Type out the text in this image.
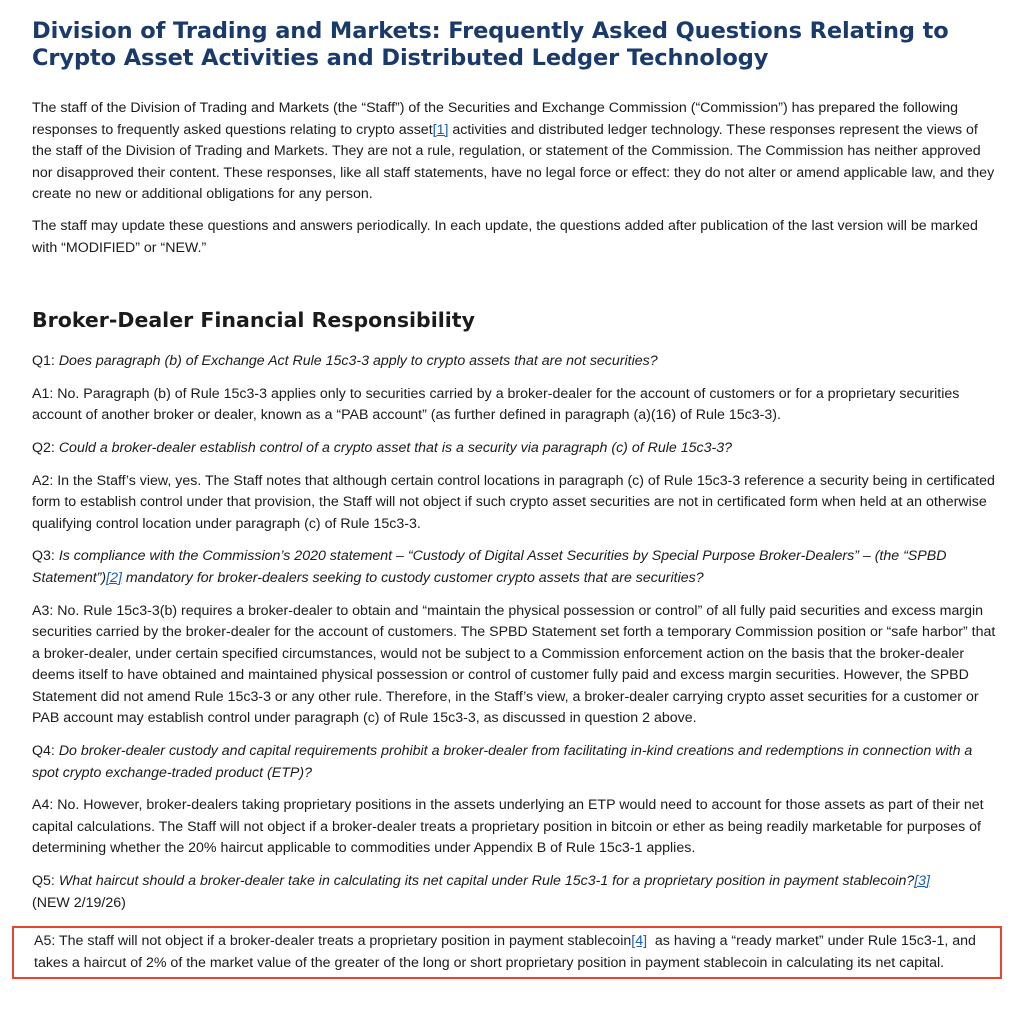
Division of Trading and Markets: Frequently Asked Questions Relating to Crypto Asset Activities and Distributed Ledger Technology

The staff of the Division of Trading and Markets (the “Staff”) of the Securities and Exchange Commission (“Commission”) has prepared the following responses to frequently asked questions relating to crypto asset[1] activities and distributed ledger technology. These responses represent the views of the staff of the Division of Trading and Markets. They are not a rule, regulation, or statement of the Commission. The Commission has neither approved nor disapproved their content. These responses, like all staff statements, have no legal force or effect: they do not alter or amend applicable law, and they create no new or additional obligations for any person.

The staff may update these questions and answers periodically. In each update, the questions added after publication of the last version will be marked with “MODIFIED” or “NEW.”

Broker-Dealer Financial Responsibility

Q1: Does paragraph (b) of Exchange Act Rule 15c3-3 apply to crypto assets that are not securities?

A1: No. Paragraph (b) of Rule 15c3-3 applies only to securities carried by a broker-dealer for the account of customers or for a proprietary securities account of another broker or dealer, known as a “PAB account” (as further defined in paragraph (a)(16) of Rule 15c3-3).

Q2: Could a broker-dealer establish control of a crypto asset that is a security via paragraph (c) of Rule 15c3-3?

A2: In the Staff’s view, yes. The Staff notes that although certain control locations in paragraph (c) of Rule 15c3-3 reference a security being in certificated form to establish control under that provision, the Staff will not object if such crypto asset securities are not in certificated form when held at an otherwise qualifying control location under paragraph (c) of Rule 15c3-3.

Q3: Is compliance with the Commission’s 2020 statement – “Custody of Digital Asset Securities by Special Purpose Broker-Dealers” – (the “SPBD Statement”)[2] mandatory for broker-dealers seeking to custody customer crypto assets that are securities?

A3: No. Rule 15c3-3(b) requires a broker-dealer to obtain and “maintain the physical possession or control” of all fully paid securities and excess margin securities carried by the broker-dealer for the account of customers. The SPBD Statement set forth a temporary Commission position or “safe harbor” that a broker-dealer, under certain specified circumstances, would not be subject to a Commission enforcement action on the basis that the broker-dealer deems itself to have obtained and maintained physical possession or control of customer fully paid and excess margin securities. However, the SPBD Statement did not amend Rule 15c3-3 or any other rule. Therefore, in the Staff’s view, a broker-dealer carrying crypto asset securities for a customer or PAB account may establish control under paragraph (c) of Rule 15c3-3, as discussed in question 2 above.

Q4: Do broker-dealer custody and capital requirements prohibit a broker-dealer from facilitating in-kind creations and redemptions in connection with a spot crypto exchange-traded product (ETP)?

A4: No. However, broker-dealers taking proprietary positions in the assets underlying an ETP would need to account for those assets as part of their net capital calculations. The Staff will not object if a broker-dealer treats a proprietary position in bitcoin or ether as being readily marketable for purposes of determining whether the 20% haircut applicable to commodities under Appendix B of Rule 15c3-1 applies.

Q5: What haircut should a broker-dealer take in calculating its net capital under Rule 15c3-1 for a proprietary position in payment stablecoin?[3]
(NEW 2/19/26)

A5: The staff will not object if a broker-dealer treats a proprietary position in payment stablecoin[4]  as having a “ready market” under Rule 15c3-1, and takes a haircut of 2% of the market value of the greater of the long or short proprietary position in payment stablecoin in calculating its net capital.
